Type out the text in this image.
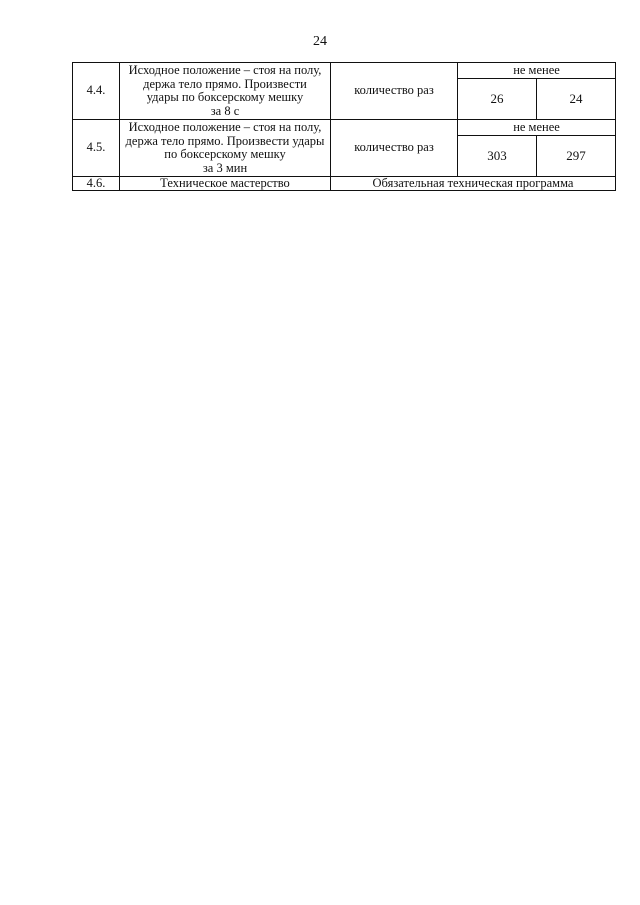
24
4.4.	Исходное положение – стоя на полу,
держа тело прямо. Произвести
удары по боксерскому мешку
за 8 с	количество раз	не менее	
			26	24
4.5.	Исходное положение – стоя на полу,
держа тело прямо. Произвести удары
по боксерскому мешку
за 3 мин	количество раз	не менее	
			303	297
4.6.	Техническое мастерство	Обязательная техническая программа		
